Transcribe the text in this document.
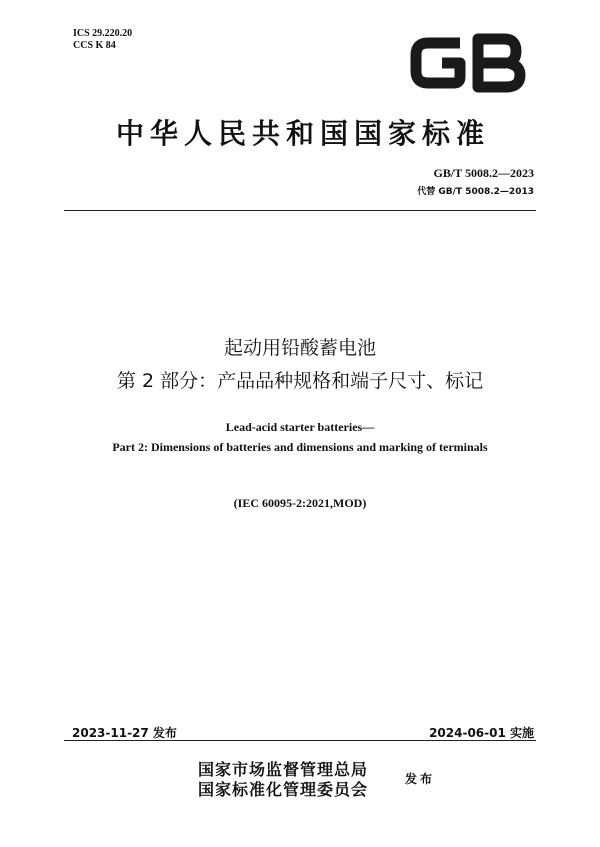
ICS 29.220.20
CCS K 84
中华人民共和国国家标准
GB/T 5008.2—2023
代替 GB/T 5008.2—2013
起动用铅酸蓄电池
第 2 部分：产品品种规格和端子尺寸、标记
Lead-acid starter batteries—
Part 2: Dimensions of batteries and dimensions and marking of terminals
(IEC 60095-2:2021,MOD)
2023-11-27 发布	2024-06-01 实施
国家市场监督管理总局
国家标准化管理委员会
发布
